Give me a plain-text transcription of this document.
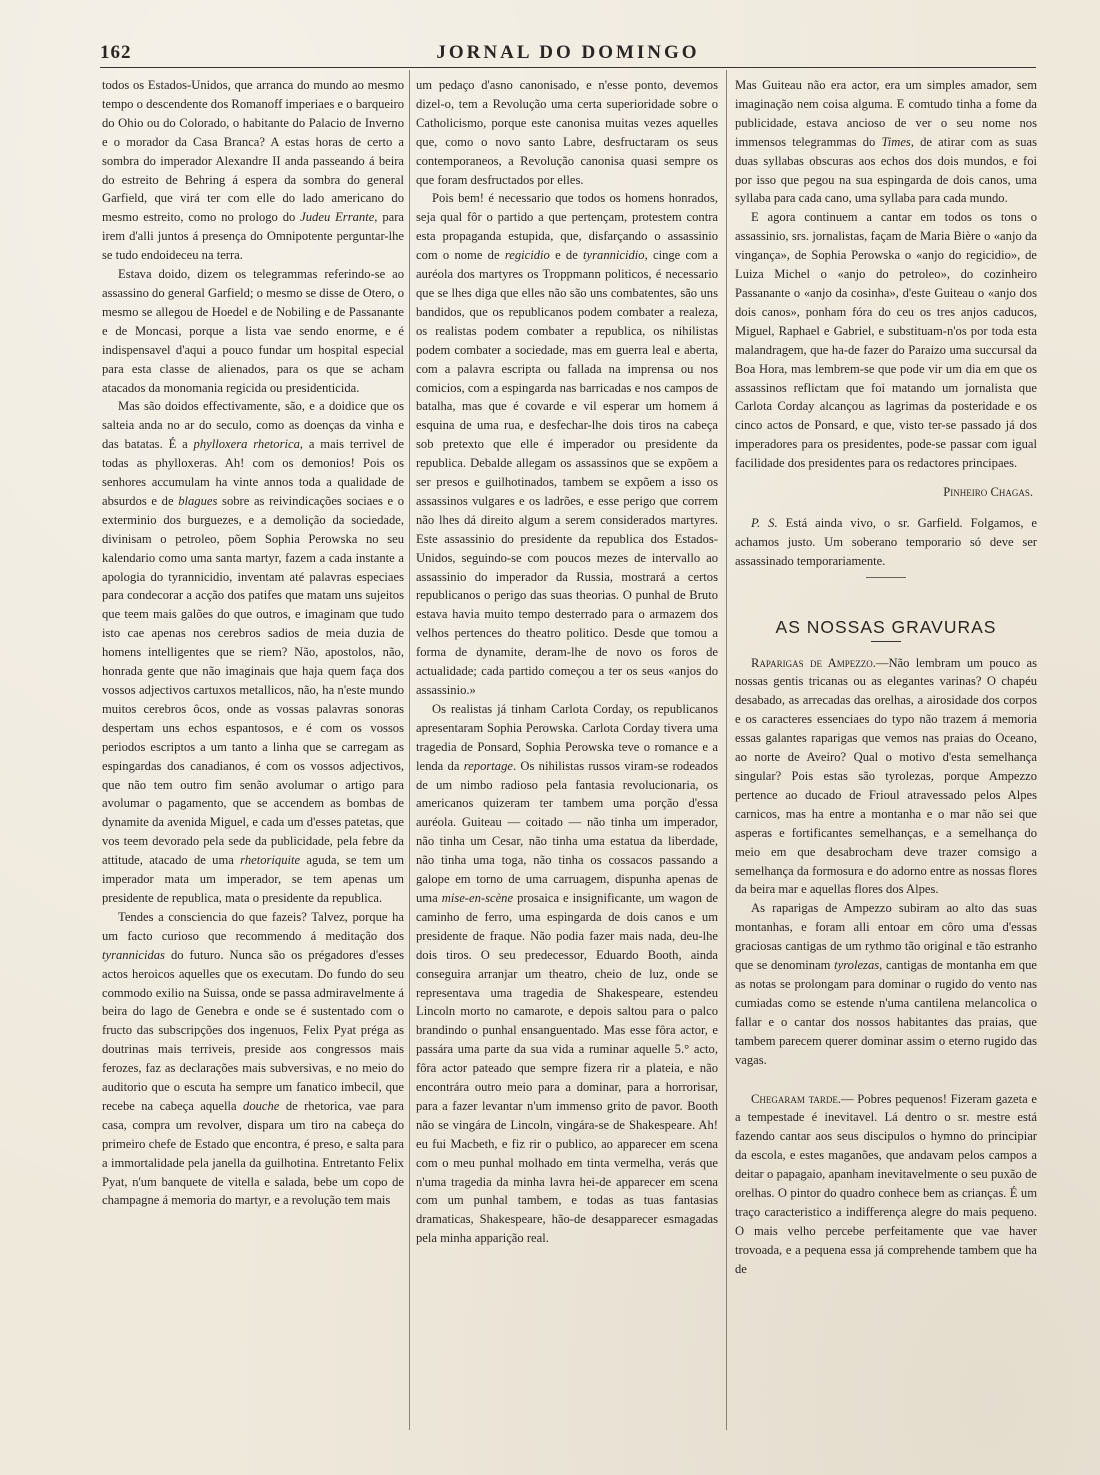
162	JORNAL DO DOMINGO

todos os Estados-Unidos, que arranca do mundo ao mesmo tempo o descendente dos Romanoff imperiaes e o barqueiro do Ohio ou do Colorado, o habitante do Palacio de Inverno e o morador da Casa Branca? A estas horas de certo a sombra do imperador Alexandre II anda passeando á beira do estreito de Behring á espera da sombra do general Garfield, que virá ter com elle do lado americano do mesmo estreito, como no prologo do Judeu Errante, para irem d'alli juntos á presença do Omnipotente perguntar-lhe se tudo endoideceu na terra.

Estava doido, dizem os telegrammas referindo-se ao assassino do general Garfield; o mesmo se disse de Otero, o mesmo se allegou de Hoedel e de Nobiling e de Passanante e de Moncasi, porque a lista vae sendo enorme, e é indispensavel d'aqui a pouco fundar um hospital especial para esta classe de alienados, para os que se acham atacados da monomania regicida ou presidenticida.

Mas são doidos effectivamente, são, e a doidice que os salteia anda no ar do seculo, como as doenças da vinha e das batatas. É a phylloxera rhetorica, a mais terrivel de todas as phylloxeras. Ah! com os demonios! Pois os senhores accumulam ha vinte annos toda a qualidade de absurdos e de blagues sobre as reivindicações sociaes e o exterminio dos burguezes, e a demolição da sociedade, divinisam o petroleo, põem Sophia Perowska no seu kalendario como uma santa martyr, fazem a cada instante a apologia do tyrannicidio, inventam até palavras especiaes para condecorar a acção dos patifes que matam uns sujeitos que teem mais galões do que outros, e imaginam que tudo isto cae apenas nos cerebros sadios de meia duzia de homens intelligentes que se riem? Não, apostolos, não, honrada gente que não imaginais que haja quem faça dos vossos adjectivos cartuxos metallicos, não, ha n'este mundo muitos cerebros ôcos, onde as vossas palavras sonoras despertam uns echos espantosos, e é com os vossos periodos escriptos a um tanto a linha que se carregam as espingardas dos canadianos, é com os vossos adjectivos, que não tem outro fim senão avolumar o artigo para avolumar o pagamento, que se accendem as bombas de dynamite da avenida Miguel, e cada um d'esses patetas, que vos teem devorado pela sede da publicidade, pela febre da attitude, atacado de uma rhetoriquite aguda, se tem um imperador mata um imperador, se tem apenas um presidente de republica, mata o presidente da republica.

Tendes a consciencia do que fazeis? Talvez, porque ha um facto curioso que recommendo á meditação dos tyrannicidas do futuro. Nunca são os prégadores d'esses actos heroicos aquelles que os executam. Do fundo do seu commodo exilio na Suissa, onde se passa admiravelmente á beira do lago de Genebra e onde se é sustentado com o fructo das subscripções dos ingenuos, Felix Pyat préga as doutrinas mais terriveis, preside aos congressos mais ferozes, faz as declarações mais subversivas, e no meio do auditorio que o escuta ha sempre um fanatico imbecil, que recebe na cabeça aquella douche de rhetorica, vae para casa, compra um revolver, dispara um tiro na cabeça do primeiro chefe de Estado que encontra, é preso, e salta para a immortalidade pela janella da guilhotina. Entretanto Felix Pyat, n'um banquete de vitella e salada, bebe um copo de champagne á memoria do martyr, e a revolução tem mais

um pedaço d'asno canonisado, e n'esse ponto, devemos dizel-o, tem a Revolução uma certa superioridade sobre o Catholicismo, porque este canonisa muitas vezes aquelles que, como o novo santo Labre, desfructaram os seus contemporaneos, a Revolução canonisa quasi sempre os que foram desfructados por elles.

Pois bem! é necessario que todos os homens honrados, seja qual fôr o partido a que pertençam, protestem contra esta propaganda estupida, que, disfarçando o assassinio com o nome de regicidio e de tyrannicidio, cinge com a auréola dos martyres os Troppmann politicos, é necessario que se lhes diga que elles não são uns combatentes, são uns bandidos, que os republicanos podem combater a realeza, os realistas podem combater a republica, os nihilistas podem combater a sociedade, mas em guerra leal e aberta, com a palavra escripta ou fallada na imprensa ou nos comicios, com a espingarda nas barricadas e nos campos de batalha, mas que é covarde e vil esperar um homem á esquina de uma rua, e desfechar-lhe dois tiros na cabeça sob pretexto que elle é imperador ou presidente da republica. Debalde allegam os assassinos que se expõem a ser presos e guilhotinados, tambem se expõem a isso os assassinos vulgares e os ladrões, e esse perigo que correm não lhes dá direito algum a serem considerados martyres. Este assassinio do presidente da republica dos Estados-Unidos, seguindo-se com poucos mezes de intervallo ao assassinio do imperador da Russia, mostrará a certos republicanos o perigo das suas theorias. O punhal de Bruto estava havia muito tempo desterrado para o armazem dos velhos pertences do theatro politico. Desde que tomou a forma de dynamite, deram-lhe de novo os foros de actualidade; cada partido começou a ter os seus «anjos do assassinio.»

Os realistas já tinham Carlota Corday, os republicanos apresentaram Sophia Perowska. Carlota Corday tivera uma tragedia de Ponsard, Sophia Perowska teve o romance e a lenda da reportage. Os nihilistas russos viram-se rodeados de um nimbo radioso pela fantasia revolucionaria, os americanos quizeram ter tambem uma porção d'essa auréola. Guiteau — coitado — não tinha um imperador, não tinha um Cesar, não tinha uma estatua da liberdade, não tinha uma toga, não tinha os cossacos passando a galope em torno de uma carruagem, dispunha apenas de uma mise-en-scène prosaica e insignificante, um wagon de caminho de ferro, uma espingarda de dois canos e um presidente de fraque. Não podia fazer mais nada, deu-lhe dois tiros. O seu predecessor, Eduardo Booth, ainda conseguira arranjar um theatro, cheio de luz, onde se representava uma tragedia de Shakespeare, estendeu Lincoln morto no camarote, e depois saltou para o palco brandindo o punhal ensanguentado. Mas esse fôra actor, e passára uma parte da sua vida a ruminar aquelle 5.° acto, fôra actor pateado que sempre fizera rir a plateia, e não encontrára outro meio para a dominar, para a horrorisar, para a fazer levantar n'um immenso grito de pavor. Booth não se vingára de Lincoln, vingára-se de Shakespeare. Ah! eu fui Macbeth, e fiz rir o publico, ao apparecer em scena com o meu punhal molhado em tinta vermelha, verás que n'uma tragedia da minha lavra hei-de apparecer em scena com um punhal tambem, e todas as tuas fantasias dramaticas, Shakespeare, hão-de desapparecer esmagadas pela minha apparição real.

Mas Guiteau não era actor, era um simples amador, sem imaginação nem coisa alguma. E comtudo tinha a fome da publicidade, estava ancioso de ver o seu nome nos immensos telegrammas do Times, de atirar com as suas duas syllabas obscuras aos echos dos dois mundos, e foi por isso que pegou na sua espingarda de dois canos, uma syllaba para cada cano, uma syllaba para cada mundo.

E agora continuem a cantar em todos os tons o assassinio, srs. jornalistas, façam de Maria Bière o «anjo da vingança», de Sophia Perowska o «anjo do regicidio», de Luiza Michel o «anjo do petroleo», do cozinheiro Passanante o «anjo da cosinha», d'este Guiteau o «anjo dos dois canos», ponham fóra do ceu os tres anjos caducos, Miguel, Raphael e Gabriel, e substituam-n'os por toda esta malandragem, que ha-de fazer do Paraizo uma succursal da Boa Hora, mas lembrem-se que pode vir um dia em que os assassinos reflictam que foi matando um jornalista que Carlota Corday alcançou as lagrimas da posteridade e os cinco actos de Ponsard, e que, visto ter-se passado já dos imperadores para os presidentes, pode-se passar com igual facilidade dos presidentes para os redactores principaes.

Pinheiro Chagas.

P. S. Está ainda vivo, o sr. Garfield. Folgamos, e achamos justo. Um soberano temporario só deve ser assassinado temporariamente.

AS NOSSAS GRAVURAS

Raparigas de Ampezzo.—Não lembram um pouco as nossas gentis tricanas ou as elegantes varinas? O chapéu desabado, as arrecadas das orelhas, a airosidade dos corpos e os caracteres essenciaes do typo não trazem á memoria essas galantes raparigas que vemos nas praias do Oceano, ao norte de Aveiro? Qual o motivo d'esta semelhança singular? Pois estas são tyrolezas, porque Ampezzo pertence ao ducado de Frioul atravessado pelos Alpes carnicos, mas ha entre a montanha e o mar não sei que asperas e fortificantes semelhanças, e a semelhança do meio em que desabrocham deve trazer comsigo a semelhança da formosura e do adorno entre as nossas flores da beira mar e aquellas flores dos Alpes.

As raparigas de Ampezzo subiram ao alto das suas montanhas, e foram alli entoar em côro uma d'essas graciosas cantigas de um rythmo tão original e tão estranho que se denominam tyrolezas, cantigas de montanha em que as notas se prolongam para dominar o rugido do vento nas cumiadas como se estende n'uma cantilena melancolica o fallar e o cantar dos nossos habitantes das praias, que tambem parecem querer dominar assim o eterno rugido das vagas.

Chegaram tarde.— Pobres pequenos! Fizeram gazeta e a tempestade é inevitavel. Lá dentro o sr. mestre está fazendo cantar aos seus discipulos o hymno do principiar da escola, e estes maganões, que andavam pelos campos a deitar o papagaio, apanham inevitavelmente o seu puxão de orelhas. O pintor do quadro conhece bem as crianças. É um traço caracteristico a indifferença alegre do mais pequeno. O mais velho percebe perfeitamente que vae haver trovoada, e a pequena essa já comprehende tambem que ha de
